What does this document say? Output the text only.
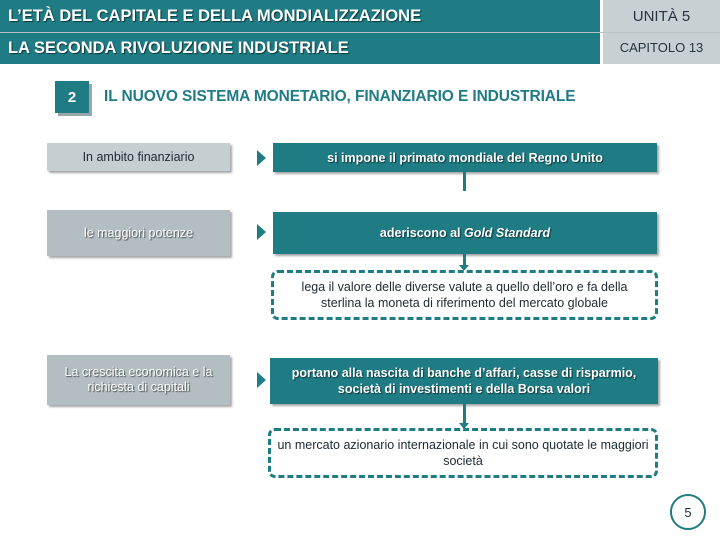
L’ETÀ DEL CAPITALE E DELLA MONDIALIZZAZIONE
LA SECONDA RIVOLUZIONE INDUSTRIALE
UNITÀ 5
CAPITOLO 13
2	IL NUOVO SISTEMA MONETARIO, FINANZIARIO E INDUSTRIALE
In ambito finanziario	si impone il primato mondiale del Regno Unito
le maggiori potenze	aderiscono al Gold Standard
lega il valore delle diverse valute a quello dell’oro e fa della sterlina la moneta di riferimento del mercato globale
La crescita economica e la richiesta di capitali
portano alla nascita di banche d’affari, casse di risparmio, società di investimenti e della Borsa valori
un mercato azionario internazionale in cui sono quotate le maggiori società
5
